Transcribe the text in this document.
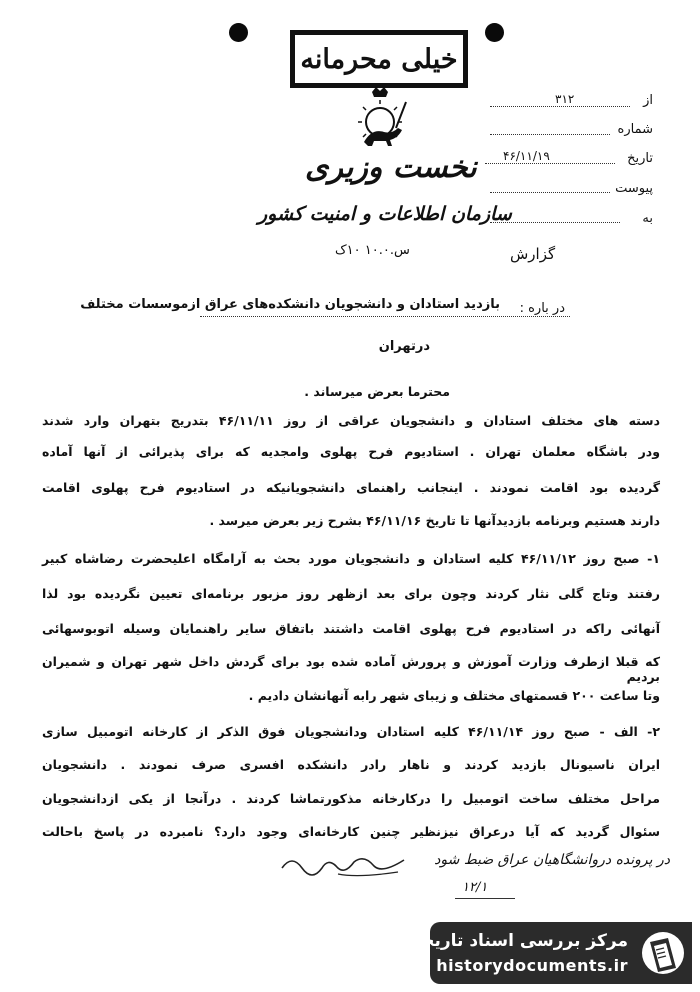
خیلی محرمانه
نخست وزیری
سازمان اطلاعات و امنیت کشور
س.۱۰.۰ ۱۰ک
از
۳۱۲
شماره
تاریخ
۴۶/۱۱/۱۹
پیوست
به
گزارش
در باره :
بازدید استادان و دانشجویان دانشکده‌های عراق ازموسسات مختلف
درتهران
محترما بعرض میرساند .
دسته های مختلف استادان و دانشجویان عراقی از روز ۴۶/۱۱/۱۱ بتدریج بتهران وارد شدند
ودر باشگاه معلمان تهران . استادیوم فرح پهلوی وامجدیه که برای پذیرائی از آنها آماده
گردیده بود اقامت نمودند . اینجانب راهنمای دانشجویانیکه در استادیوم فرح پهلوی اقامت
دارند هستیم وبرنامه بازدیدآنها تا تاریخ ۴۶/۱۱/۱۶ بشرح زیر بعرض میرسد .
۱- صبح روز ۴۶/۱۱/۱۲ کلیه استادان و دانشجویان مورد بحث به آرامگاه اعلیحضرت رضاشاه کبیر
رفتند وتاج گلی نثار کردند وچون برای بعد ازظهر روز مزبور برنامه‌ای تعیین نگردیده بود لذا
آنهائی راکه در استادیوم فرح پهلوی اقامت داشتند باتفاق سایر راهنمایان وسیله اتوبوسهائی
که قبلا ازطرف وزارت آموزش و پرورش آماده شده بود برای گردش داخل شهر تهران و شمیران بردیم
وتا ساعت ۲۰۰ قسمتهای مختلف و زیبای شهر رابه آنهانشان دادیم .
۲- الف - صبح روز ۴۶/۱۱/۱۴ کلیه استادان ودانشجویان فوق الذکر از کارخانه اتومبیل سازی
ایران ناسیونال بازدید کردند و ناهار رادر دانشکده افسری صرف نمودند . دانشجویان
مراحل مختلف ساخت اتومبیل را درکارخانه مذکورتماشا کردند . درآنجا از یکی ازدانشجویان
سئوال گردید که آیا درعراق نیزنظیر چنین کارخانه‌ای وجود دارد؟ نامبرده در پاسخ باحالت
در پرونده دروانشگاهیان عراق ضبط شود
۱۲/۱
مرکز بررسی اسناد تاریخی
historydocuments.ir
